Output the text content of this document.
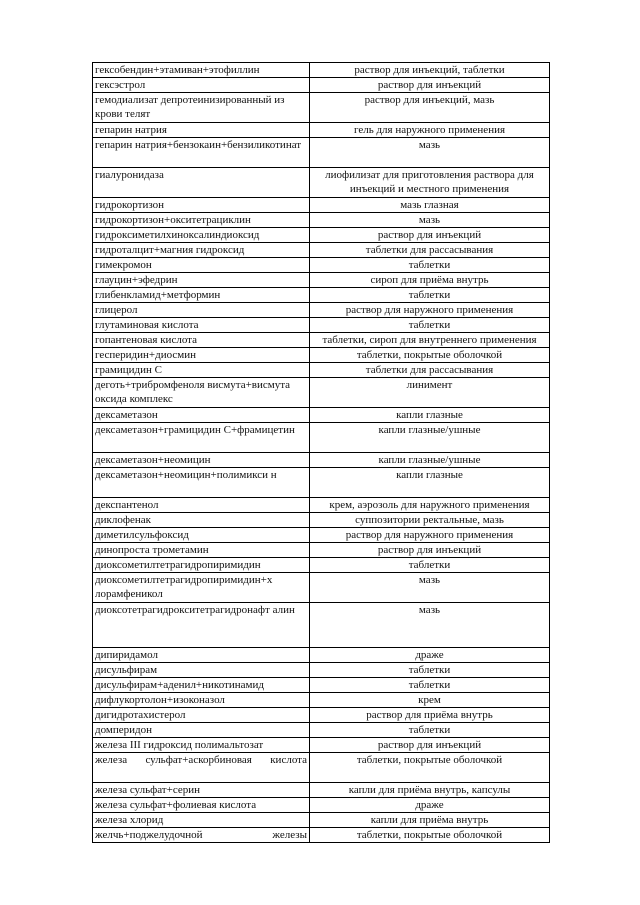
гексобендин+этамиван+этофиллин	раствор для инъекций, таблетки
гексэстрол	раствор для инъекций
гемодиализат депротеинизированный из крови телят	раствор для инъекций, мазь
гепарин натрия	гель для наружного применения
гепарин натрия+бензокаин+бензиликотинат	мазь
гиалуронидаза	лиофилизат для приготовления раствора для инъекций и местного применения
гидрокортизон	мазь глазная
гидрокортизон+окситетрациклин	мазь
гидроксиметилхиноксалиндиоксид	раствор для инъекций
гидроталцит+магния гидроксид	таблетки для рассасывания
гимекромон	таблетки
глауцин+эфедрин	сироп для приёма внутрь
глибенкламид+метформин	таблетки
глицерол	раствор для наружного применения
глутаминовая кислота	таблетки
гопантеновая кислота	таблетки, сироп для внутреннего применения
гесперидин+диосмин	таблетки, покрытые оболочкой
грамицидин С	таблетки для рассасывания
деготь+трибромфеноля висмута+висмута оксида комплекс	линимент
дексаметазон	капли глазные
дексаметазон+грамицидин С+фрамицетин	капли глазные/ушные
дексаметазон+неомицин	капли глазные/ушные
дексаметазон+неомицин+полимикси н	капли глазные
декспантенол	крем, аэрозоль для наружного применения
диклофенак	суппозитории ректальные, мазь
диметилсульфоксид	раствор для наружного применения
динопроста трометамин	раствор для инъекций
диоксометилтетрагидропиримидин	таблетки
диоксометилтетрагидропиримидин+х лорамфеникол	мазь
диоксотетрагидрокситетрагидронафт алин	мазь
дипиридамол	драже
дисульфирам	таблетки
дисульфирам+аденил+никотинамид	таблетки
дифлукортолон+изоконазол	крем
дигидротахистерол	раствор для приёма внутрь
домперидон	таблетки
железа III гидроксид полимальтозат	раствор для инъекций
железа сульфат+аскорбиновая кислота	таблетки, покрытые оболочкой
железа сульфат+серин	капли для приёма внутрь, капсулы
железа сульфат+фолиевая кислота	драже
железа хлорид	капли для приёма внутрь
желчь+поджелудочной железы	таблетки, покрытые оболочкой
